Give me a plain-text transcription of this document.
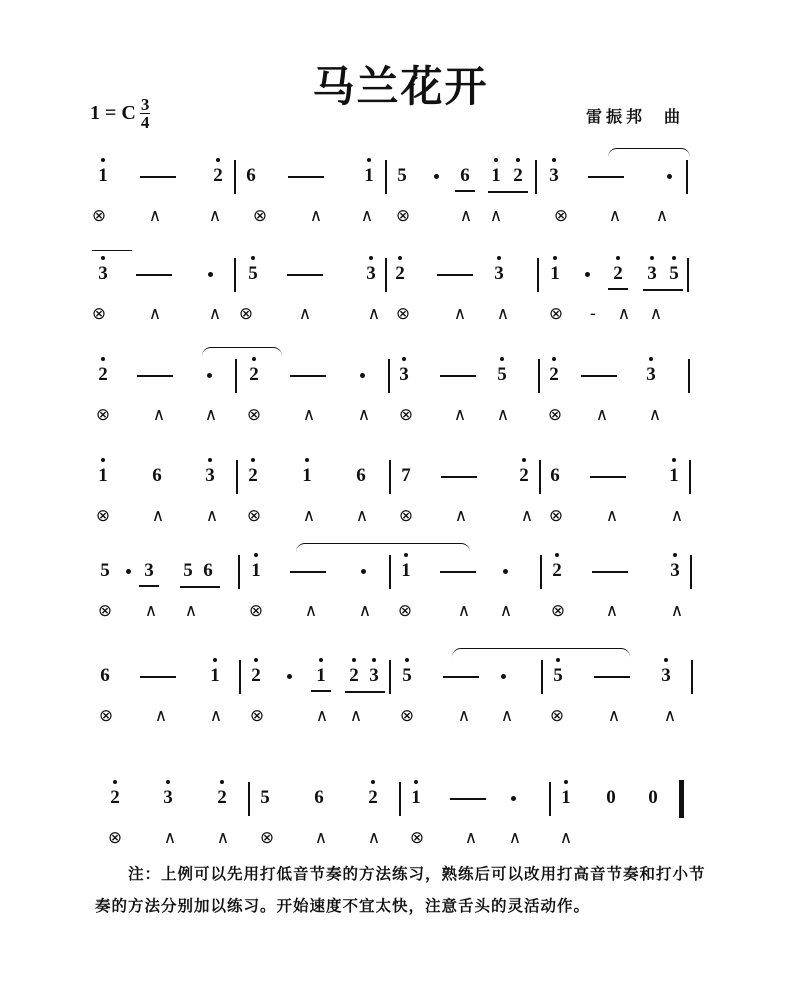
马兰花开
1 = C $\frac{3}{4}$	雷振邦 曲
1	2 6	1 5	6 1 2 3
⊗	∧	∧ ⊗	∧ ∧ ⊗	∧ ∧	⊗ ∧ ∧
3	5	3 2	3 1	2 3 5
⊗	∧	∧ ⊗	∧	∧ ⊗	∧ ∧ ⊗	-	∧ ∧
2	2	3	5 2	3
⊗	∧ ∧ ⊗ ∧	∧ ⊗ ∧ ∧ ⊗ ∧ ∧
1 6 3 2 1 6 7	2 6	1
⊗ ∧ ∧ ⊗ ∧ ∧ ⊗ ∧	∧ ⊗	∧	∧
5 3 5 6 1	1	2	3
⊗ ∧ ∧	⊗ ∧ ∧ ⊗	∧ ∧ ⊗ ∧	∧
6	1 2	1 2 3 5	5	3
⊗ ∧	∧ ⊗	∧ ∧ ⊗	∧ ∧ ⊗	∧	∧
2 3 2 5 6 2 1	1 0 0
⊗ ∧ ∧ ⊗ ∧ ∧ ⊗ ∧ ∧ ∧
注：上例可以先用打低音节奏的方法练习，熟练后可以改用打高音节奏和打小节奏的方法分别加以练习。开始速度不宜太快，注意舌头的灵活动作。
